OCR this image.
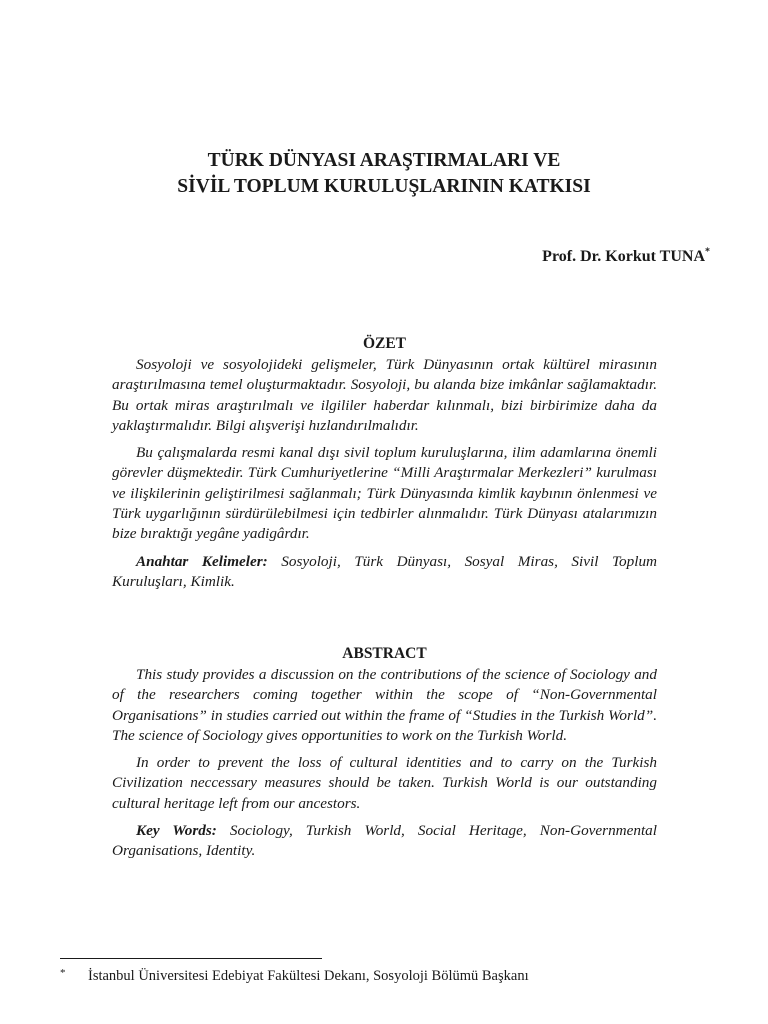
TÜRK DÜNYASI ARAŞTIRMALARI VE
SİVİL TOPLUM KURULUŞLARININ KATKISI

Prof. Dr. Korkut TUNA*

ÖZET

Sosyoloji ve sosyolojideki gelişmeler, Türk Dünyasının ortak kültürel mirasının araştırılmasına temel oluşturmaktadır. Sosyoloji, bu alanda bize imkânlar sağlamaktadır. Bu ortak miras araştırılmalı ve ilgililer haberdar kılınmalı, bizi birbirimize daha da yaklaştırmalıdır. Bilgi alışverişi hızlandırılmalıdır.

Bu çalışmalarda resmi kanal dışı sivil toplum kuruluşlarına, ilim adamlarına önemli görevler düşmektedir. Türk Cumhuriyetlerine “Milli Araştırmalar Merkezleri” kurulması ve ilişkilerinin geliştirilmesi sağlanmalı; Türk Dünyasında kimlik kaybının önlenmesi ve Türk uygarlığının sürdürülebilmesi için tedbirler alınmalıdır. Türk Dünyası atalarımızın bize bıraktığı yegâne yadigârdır.

Anahtar Kelimeler: Sosyoloji, Türk Dünyası, Sosyal Miras, Sivil Toplum Kuruluşları, Kimlik.

ABSTRACT

This study provides a discussion on the contributions of the science of Sociology and of the researchers coming together within the scope of “Non-Governmental Organisations” in studies carried out within the frame of “Studies in the Turkish World”. The science of Sociology gives opportunities to work on the Turkish World.

In order to prevent the loss of cultural identities and to carry on the Turkish Civilization neccessary measures should be taken. Turkish World is our outstanding cultural heritage left from our ancestors.

Key Words: Sociology, Turkish World, Social Heritage, Non-Governmental Organisations, Identity.

* İstanbul Üniversitesi Edebiyat Fakültesi Dekanı, Sosyoloji Bölümü Başkanı
